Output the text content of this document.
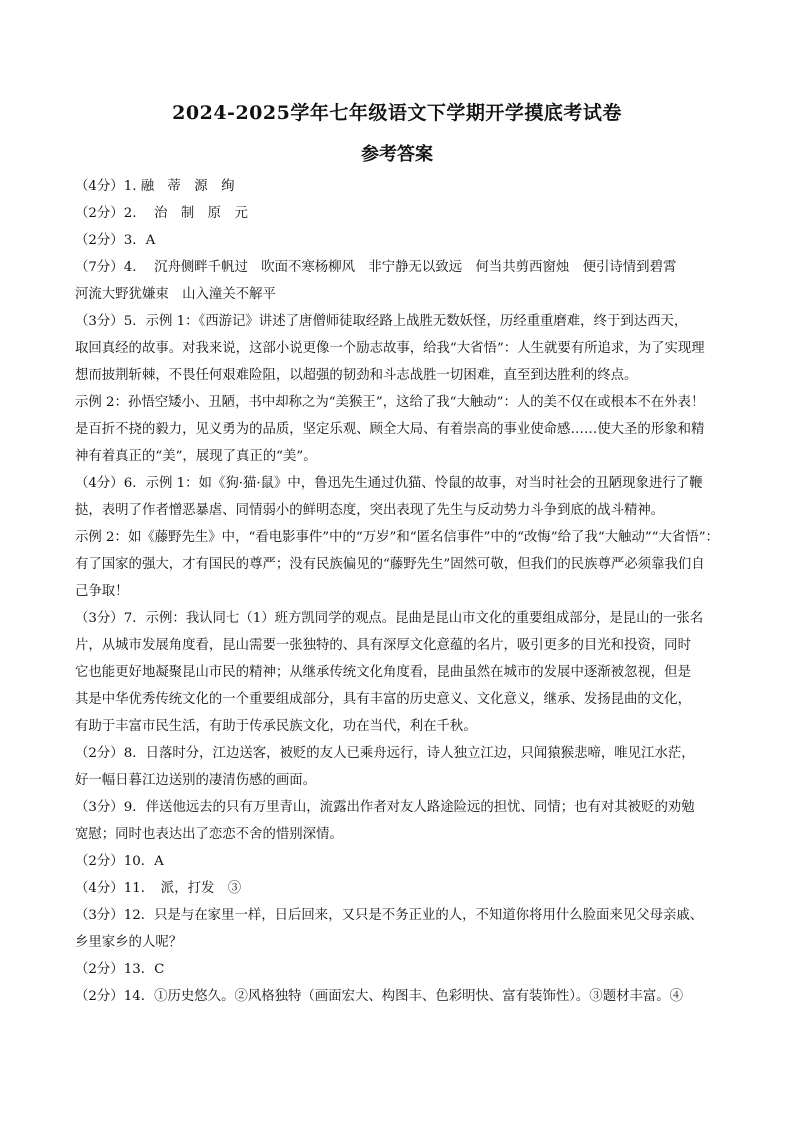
2024-2025学年七年级语文下学期开学摸底考试卷
参考答案
（4分）1. 融　蒂　源　绚
（2分）2.　 治　制　原　元
（2分）3．A
（7分）4.　 沉舟侧畔千帆过　吹面不寒杨柳风　非宁静无以致远　何当共剪西窗烛　便引诗情到碧霄
河流大野犹嫌束　山入潼关不解平
（3分）5．示例 1：《西游记》讲述了唐僧师徒取经路上战胜无数妖怪，历经重重磨难，终于到达西天，
取回真经的故事。对我来说，这部小说更像一个励志故事，给我“大省悟”：人生就要有所追求，为了实现理
想而披荆斩棘，不畏任何艰难险阻，以超强的韧劲和斗志战胜一切困难，直至到达胜利的终点。
示例 2：孙悟空矮小、丑陋，书中却称之为“美猴王”，这给了我“大触动”：人的美不仅在或根本不在外表！
是百折不挠的毅力，见义勇为的品质，坚定乐观、顾全大局、有着崇高的事业使命感……使大圣的形象和精
神有着真正的“美”，展现了真正的“美”。
（4分）6．示例 1：如《狗·猫·鼠》中，鲁迅先生通过仇猫、怜鼠的故事，对当时社会的丑陋现象进行了鞭
挞，表明了作者憎恶暴虐、同情弱小的鲜明态度，突出表现了先生与反动势力斗争到底的战斗精神。
示例 2：如《藤野先生》中，“看电影事件”中的“万岁”和“匿名信事件”中的“改悔”给了我“大触动”“大省悟”：
有了国家的强大，才有国民的尊严；没有民族偏见的“藤野先生”固然可敬，但我们的民族尊严必须靠我们自
己争取！
（3分）7．示例：我认同七（1）班方凯同学的观点。昆曲是昆山市文化的重要组成部分，是昆山的一张名
片，从城市发展角度看，昆山需要一张独特的、具有深厚文化意蕴的名片，吸引更多的目光和投资，同时
它也能更好地凝聚昆山市民的精神；从继承传统文化角度看，昆曲虽然在城市的发展中逐渐被忽视，但是
其是中华优秀传统文化的一个重要组成部分，具有丰富的历史意义、文化意义，继承、发扬昆曲的文化，
有助于丰富市民生活，有助于传承民族文化，功在当代，利在千秋。
（2分）8．日落时分，江边送客，被贬的友人已乘舟远行，诗人独立江边，只闻猿猴悲啼，唯见江水茫，
好一幅日暮江边送别的凄清伤感的画面。
（3分）9．伴送他远去的只有万里青山，流露出作者对友人路途险远的担忧、同情；也有对其被贬的劝勉
宽慰；同时也表达出了恋恋不舍的惜别深情。
（2分）10．A
（4分）11．　派，打发　③
（3分）12．只是与在家里一样，日后回来，又只是不务正业的人，不知道你将用什么脸面来见父母亲戚、
乡里家乡的人呢？
（2分）13．C
（2分）14．①历史悠久。②风格独特（画面宏大、构图丰、色彩明快、富有装饰性）。③题材丰富。④
